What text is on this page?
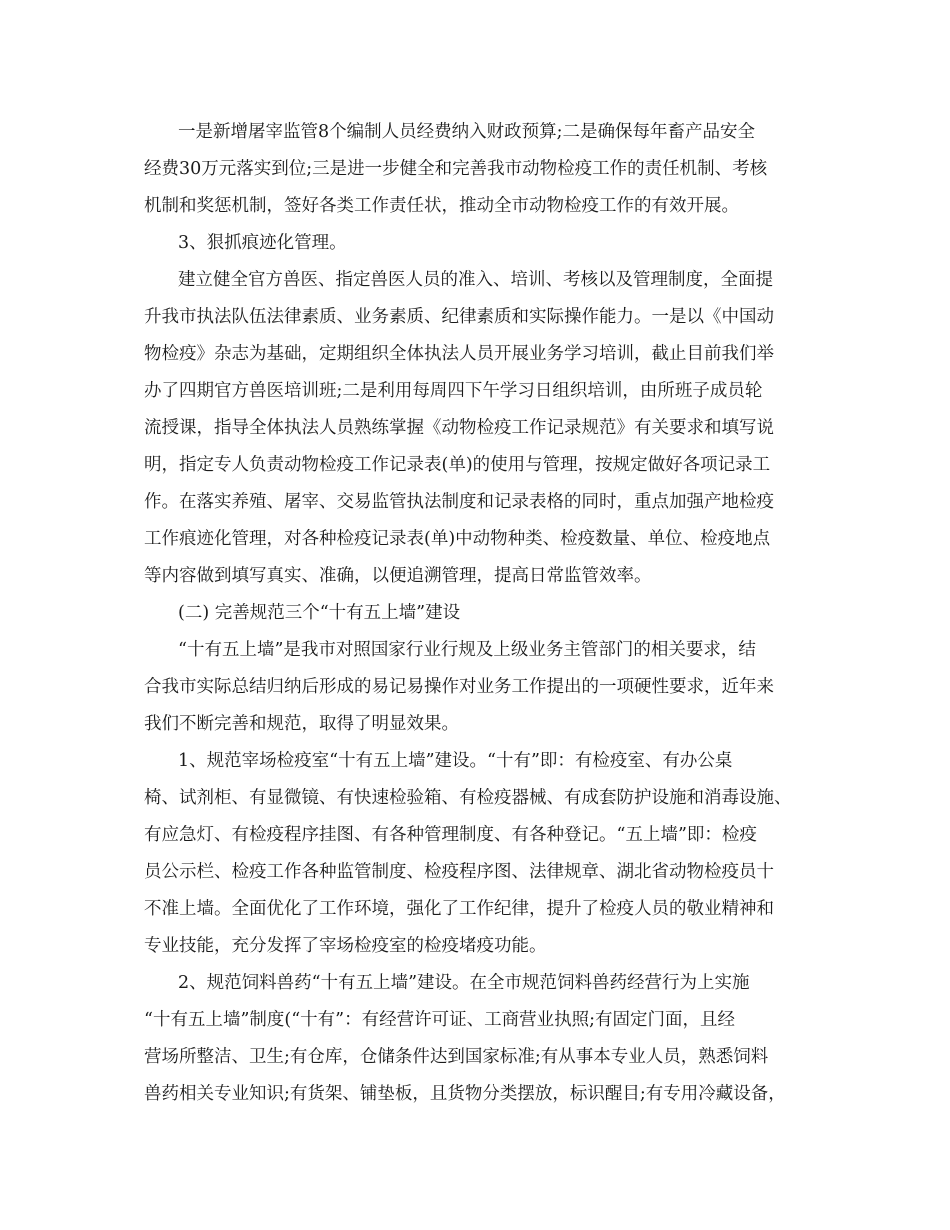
一是新增屠宰监管8个编制人员经费纳入财政预算;二是确保每年畜产品安全
经费30万元落实到位;三是进一步健全和完善我市动物检疫工作的责任机制、考核
机制和奖惩机制，签好各类工作责任状，推动全市动物检疫工作的有效开展。
3、狠抓痕迹化管理。
建立健全官方兽医、指定兽医人员的准入、培训、考核以及管理制度，全面提
升我市执法队伍法律素质、业务素质、纪律素质和实际操作能力。一是以《中国动
物检疫》杂志为基础，定期组织全体执法人员开展业务学习培训，截止目前我们举
办了四期官方兽医培训班;二是利用每周四下午学习日组织培训，由所班子成员轮
流授课，指导全体执法人员熟练掌握《动物检疫工作记录规范》有关要求和填写说
明，指定专人负责动物检疫工作记录表(单)的使用与管理，按规定做好各项记录工
作。在落实养殖、屠宰、交易监管执法制度和记录表格的同时，重点加强产地检疫
工作痕迹化管理，对各种检疫记录表(单)中动物种类、检疫数量、单位、检疫地点
等内容做到填写真实、准确，以便追溯管理，提高日常监管效率。
(二) 完善规范三个“十有五上墙”建设
“十有五上墙”是我市对照国家行业行规及上级业务主管部门的相关要求，结
合我市实际总结归纳后形成的易记易操作对业务工作提出的一项硬性要求，近年来
我们不断完善和规范，取得了明显效果。
1、规范宰场检疫室“十有五上墙”建设。“十有”即：有检疫室、有办公桌
椅、试剂柜、有显微镜、有快速检验箱、有检疫器械、有成套防护设施和消毒设施、
有应急灯、有检疫程序挂图、有各种管理制度、有各种登记。“五上墙”即：检疫
员公示栏、检疫工作各种监管制度、检疫程序图、法律规章、湖北省动物检疫员十
不准上墙。全面优化了工作环境，强化了工作纪律，提升了检疫人员的敬业精神和
专业技能，充分发挥了宰场检疫室的检疫堵疫功能。
2、规范饲料兽药“十有五上墙”建设。在全市规范饲料兽药经营行为上实施
“十有五上墙”制度(“十有”：有经营许可证、工商营业执照;有固定门面，且经
营场所整洁、卫生;有仓库，仓储条件达到国家标准;有从事本专业人员，熟悉饲料
兽药相关专业知识;有货架、铺垫板，且货物分类摆放，标识醒目;有专用冷藏设备，
